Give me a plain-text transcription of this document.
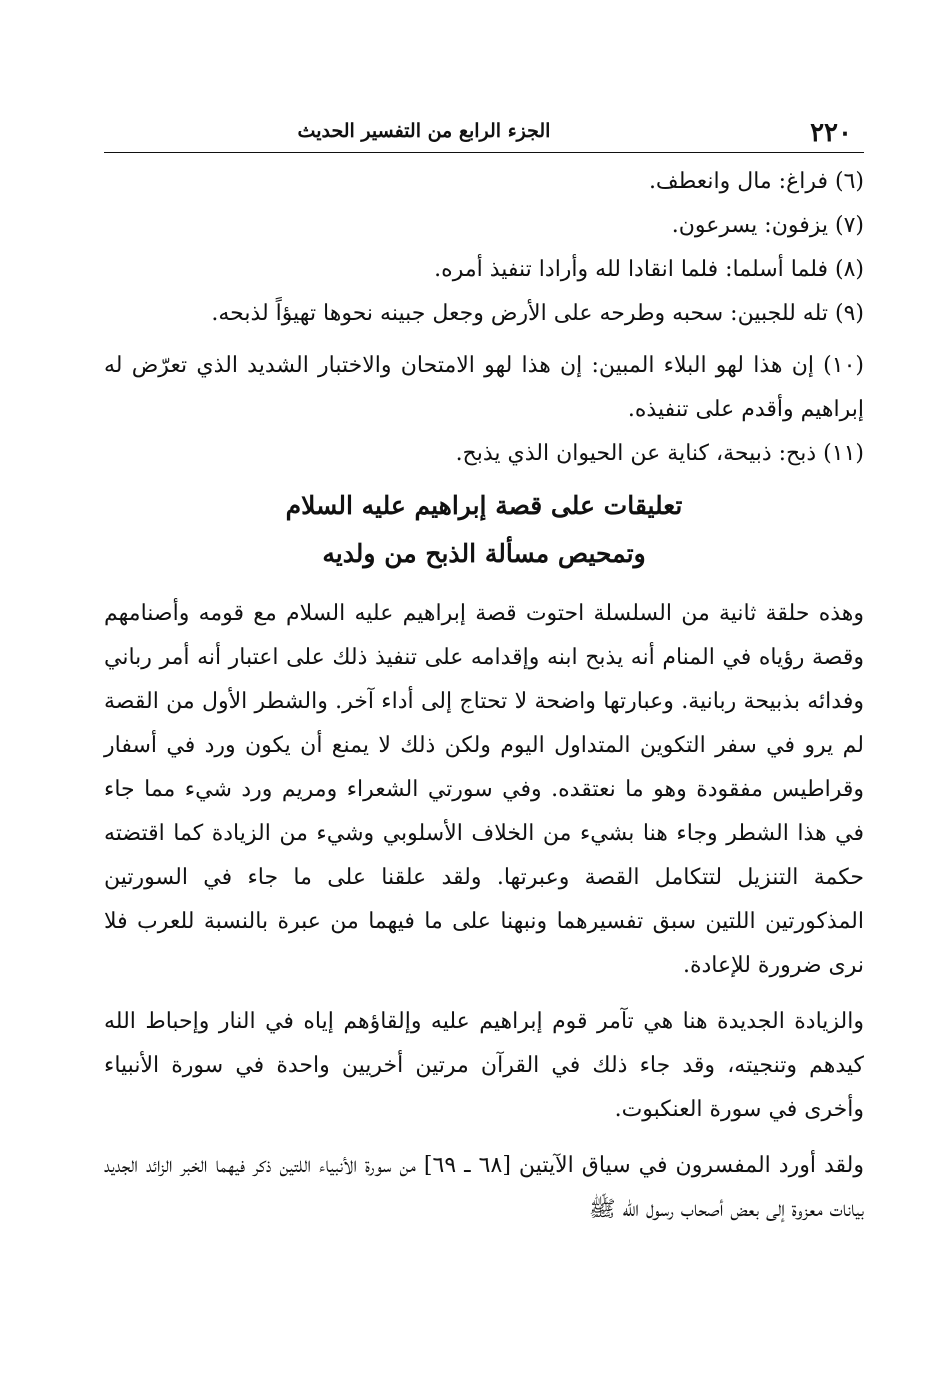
٢٢٠
الجزء الرابع من التفسير الحديث

(٦) فراغ: مال وانعطف.

(٧) يزفون: يسرعون.

(٨) فلما أسلما: فلما انقادا لله وأرادا تنفيذ أمره.

(٩) تله للجبين: سحبه وطرحه على الأرض وجعل جبينه نحوها تهيؤاً لذبحه.

(١٠) إن هذا لهو البلاء المبين: إن هذا لهو الامتحان والاختبار الشديد الذي تعرّض له إبراهيم وأقدم على تنفيذه.

(١١) ذبح: ذبيحة، كناية عن الحيوان الذي يذبح.

تعليقات على قصة إبراهيم عليه السلام
وتمحيص مسألة الذبح من ولديه

وهذه حلقة ثانية من السلسلة احتوت قصة إبراهيم عليه السلام مع قومه وأصنامهم وقصة رؤياه في المنام أنه يذبح ابنه وإقدامه على تنفيذ ذلك على اعتبار أنه أمر رباني وفدائه بذبيحة ربانية. وعبارتها واضحة لا تحتاج إلى أداء آخر. والشطر الأول من القصة لم يرو في سفر التكوين المتداول اليوم ولكن ذلك لا يمنع أن يكون ورد في أسفار وقراطيس مفقودة وهو ما نعتقده. وفي سورتي الشعراء ومريم ورد شيء مما جاء في هذا الشطر وجاء هنا بشيء من الخلاف الأسلوبي وشيء من الزيادة كما اقتضته حكمة التنزيل لتتكامل القصة وعبرتها. ولقد علقنا على ما جاء في السورتين المذكورتين اللتين سبق تفسيرهما ونبهنا على ما فيهما من عبرة بالنسبة للعرب فلا نرى ضرورة للإعادة.

والزيادة الجديدة هنا هي تآمر قوم إبراهيم عليه وإلقاؤهم إياه في النار وإحباط الله كيدهم وتنجيته، وقد جاء ذلك في القرآن مرتين أخريين واحدة في سورة الأنبياء وأخرى في سورة العنكبوت.

ولقد أورد المفسرون في سياق الآيتين [٦٨ ـ ٦٩] من سورة الأنبياء اللتين ذكر فيهما الخبر الزائد الجديد بيانات معزوة إلى بعض أصحاب رسول الله ﷺ
